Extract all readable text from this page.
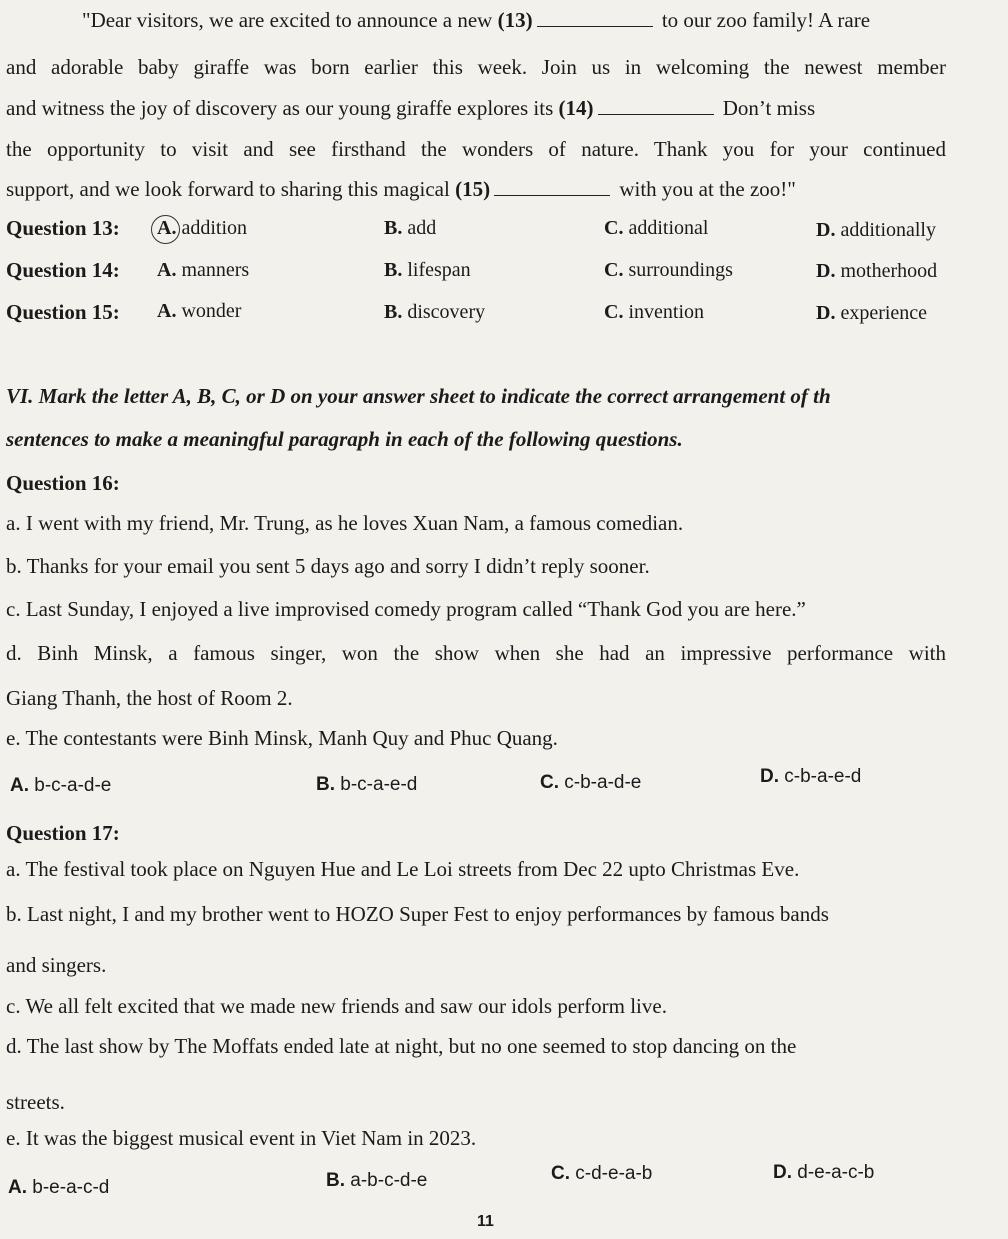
"Dear visitors, we are excited to announce a new (13)	to our zoo family! A rare
and adorable baby giraffe was born earlier this week. Join us in welcoming the newest member
and witness the joy of discovery as our young giraffe explores its (14)	Don’t miss
the opportunity to visit and see firsthand the wonders of nature. Thank you for your continued
support, and we look forward to sharing this magical (15)	with you at the zoo!"
Question 13: A. addition	B. add	C. additional	D. additionally
Question 14: A. manners	B. lifespan	C. surroundings	D. motherhood
Question 15: A. wonder	B. discovery	C. invention	D. experience
VI. Mark the letter A, B, C, or D on your answer sheet to indicate the correct arrangement of th
sentences to make a meaningful paragraph in each of the following questions.
Question 16:
a. I went with my friend, Mr. Trung, as he loves Xuan Nam, a famous comedian.
b. Thanks for your email you sent 5 days ago and sorry I didn’t reply sooner.
c. Last Sunday, I enjoyed a live improvised comedy program called “Thank God you are here.”
d. Binh Minsk, a famous singer, won the show when she had an impressive performance with
Giang Thanh, the host of Room 2.
e. The contestants were Binh Minsk, Manh Quy and Phuc Quang.
A. b-c-a-d-e	B. b-c-a-e-d	C. c-b-a-d-e	D. c-b-a-e-d
Question 17:
a. The festival took place on Nguyen Hue and Le Loi streets from Dec 22 upto Christmas Eve.
b. Last night, I and my brother went to HOZO Super Fest to enjoy performances by famous bands
and singers.
c. We all felt excited that we made new friends and saw our idols perform live.
d. The last show by The Moffats ended late at night, but no one seemed to stop dancing on the
streets.
e. It was the biggest musical event in Viet Nam in 2023.
A. b-e-a-c-d	B. a-b-c-d-e	C. c-d-e-a-b	D. d-e-a-c-b
11
